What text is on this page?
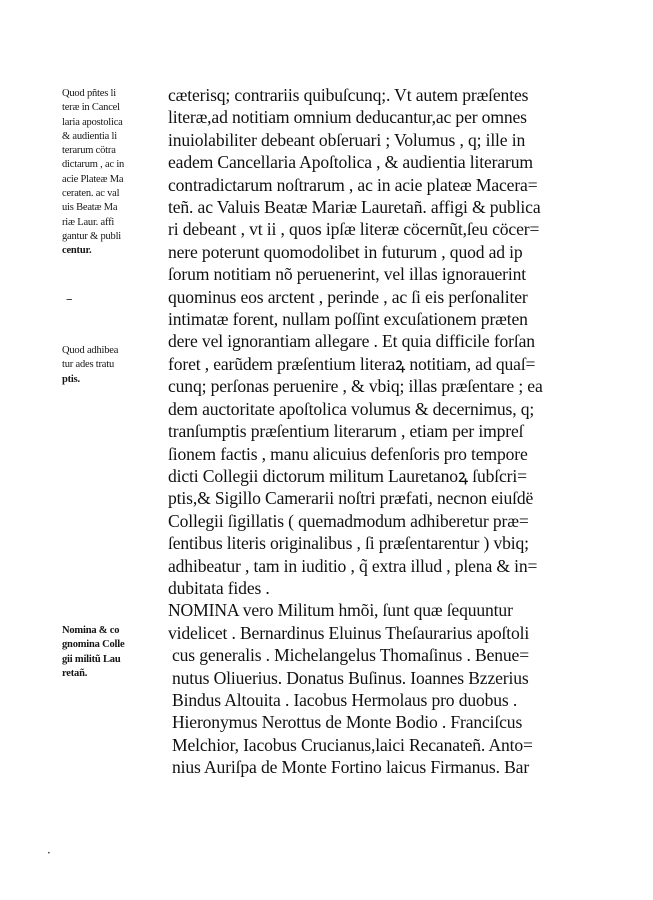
Quod pñtes li
teræ in Cancel
laria apostolica
& audientia li
terarum cötra
dictarum , ac in
acie Plateæ Ma
ceraten. ac val
uis Beatæ Ma
riæ Laur. affi
gantur & publi
centur.
–
Quod adhibea
tur ades tratu
ptis.
Nomina & co
gnomina Colle
gii militũ Lau
retañ.
cæterisq; contrariis quibuſcunq;. Vt autem præſentes
literæ,ad notitiam omnium deducantur,ac per omnes
inuiolabiliter debeant obſeruari ; Volumus , q; ille in
eadem Cancellaria Apoſtolica , & audientia literarum
contradictarum noſtrarum , ac in acie plateæ Macera=
teñ. ac Valuis Beatæ Mariæ Lauretañ. affigi & publica
ri debeant , vt ii , quos ipſæ literæ cöcernũt,ſeu cöcer=
nere poterunt quomodolibet in futurum , quod ad ip
ſorum notitiam nõ peruenerint, vel illas ignorauerint
quominus eos arctent , perinde , ac ſi eis perſonaliter
intimatæ forent, nullam poſſint excuſationem præten
dere vel ignorantiam allegare . Et quia difficile forſan
foret , earũdem præſentium literaꝝ notitiam, ad quaſ=
cunq; perſonas peruenire , & vbiq; illas præſentare ; ea
dem auctoritate apoſtolica volumus & decernimus, q;
tranſumptis præſentium literarum , etiam per impreſ
ſionem factis , manu alicuius defenſoris pro tempore
dicti Collegii dictorum militum Lauretanoꝝ ſubſcri=
ptis,& Sigillo Camerarii noſtri præfati, necnon eiuſdë
Collegii ſigillatis ( quemadmodum adhiberetur præ=
ſentibus literis originalibus , ſi præſentarentur ) vbiq;
adhibeatur , tam in iuditio , q̃ extra illud , plena & in=
dubitata fides .
NOMINA vero Militum hmõi, ſunt quæ ſequuntur
videlicet . Bernardinus Eluinus Theſaurarius apoſtoli
cus generalis . Michelangelus Thomaſinus . Benue=
nutus Oliuerius. Donatus Buſinus. Ioannes Bzzerius
Bindus Altouita . Iacobus Hermolaus pro duobus .
Hieronymus Nerottus de Monte Bodio . Franciſcus
Melchior, Iacobus Crucianus,laici Recanateñ. Anto=
nius Auriſpa de Monte Fortino laicus Firmanus. Bar
·
